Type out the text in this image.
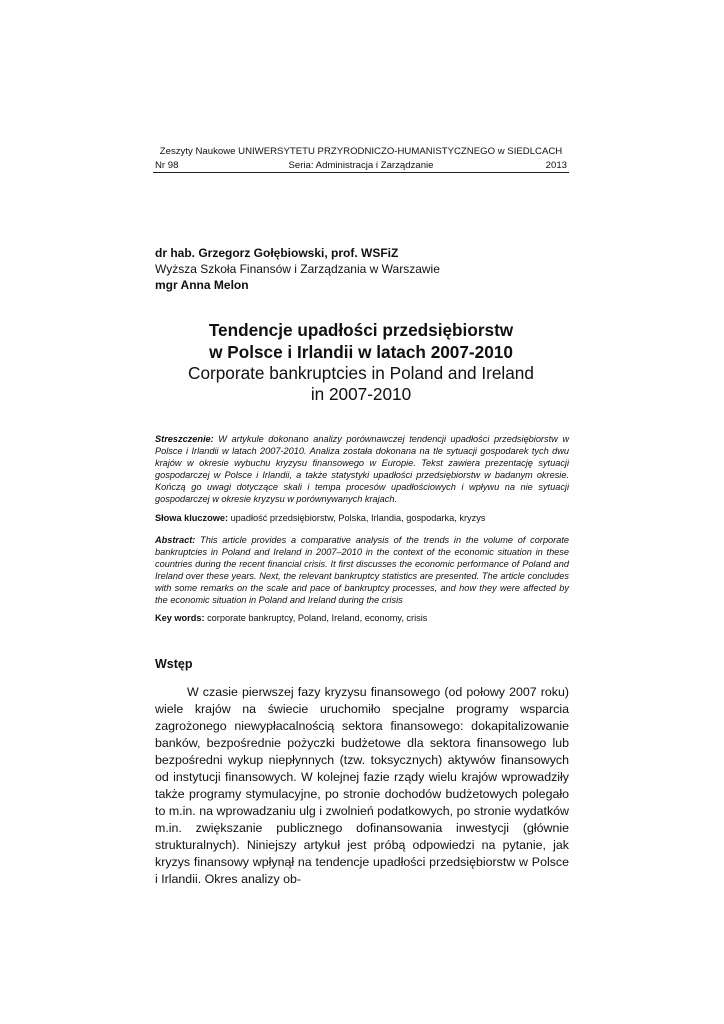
Zeszyty Naukowe UNIWERSYTETU PRZYRODNICZO-HUMANISTYCZNEGO w SIEDLCACH
Nr 98	Seria: Administracja i Zarządzanie	2013
dr hab. Grzegorz Gołębiowski, prof. WSFiZ
Wyższa Szkoła Finansów i Zarządzania w Warszawie
mgr Anna Melon
Tendencje upadłości przedsiębiorstw
w Polsce i Irlandii w latach 2007-2010
Corporate bankruptcies in Poland and Ireland
in 2007-2010
Streszczenie: W artykule dokonano analizy porównawczej tendencji upadłości przedsiębiorstw w Polsce i Irlandii w latach 2007-2010. Analiza została dokonana na tle sytuacji gospodarek tych dwu krajów w okresie wybuchu kryzysu finansowego w Europie. Tekst zawiera prezentację sytuacji gospodarczej w Polsce i Irlandii, a także statystyki upadłości przedsiębiorstw w badanym okresie. Kończą go uwagi dotyczące skali i tempa procesów upadłościowych i wpływu na nie sytuacji gospodarczej w okresie kryzysu w porównywanych krajach.
Słowa kluczowe: upadłość przedsiębiorstw, Polska, Irlandia, gospodarka, kryzys
Abstract: This article provides a comparative analysis of the trends in the volume of corporate bankruptcies in Poland and Ireland in 2007–2010 in the context of the economic situation in these countries during the recent financial crisis. It first discusses the economic performance of Poland and Ireland over these years. Next, the relevant bankruptcy statistics are presented. The article concludes with some remarks on the scale and pace of bankruptcy processes, and how they were affected by the economic situation in Poland and Ireland during the crisis
Key words: corporate bankruptcy, Poland, Ireland, economy, crisis
Wstęp

W czasie pierwszej fazy kryzysu finansowego (od połowy 2007 roku) wiele krajów na świecie uruchomiło specjalne programy wsparcia zagrożonego niewypłacalnością sektora finansowego: dokapitalizowanie banków, bezpośrednie pożyczki budżetowe dla sektora finansowego lub bezpośredni wykup niepłynnych (tzw. toksycznych) aktywów finansowych od instytucji finansowych. W kolejnej fazie rządy wielu krajów wprowadziły także programy stymulacyjne, po stronie dochodów budżetowych polegało to m.in. na wprowadzaniu ulg i zwolnień podatkowych, po stronie wydatków m.in. zwiększanie publicznego dofinansowania inwestycji (głównie strukturalnych). Niniejszy artykuł jest próbą odpowiedzi na pytanie, jak kryzys finansowy wpłynął na tendencje upadłości przedsiębiorstw w Polsce i Irlandii. Okres analizy ob-
